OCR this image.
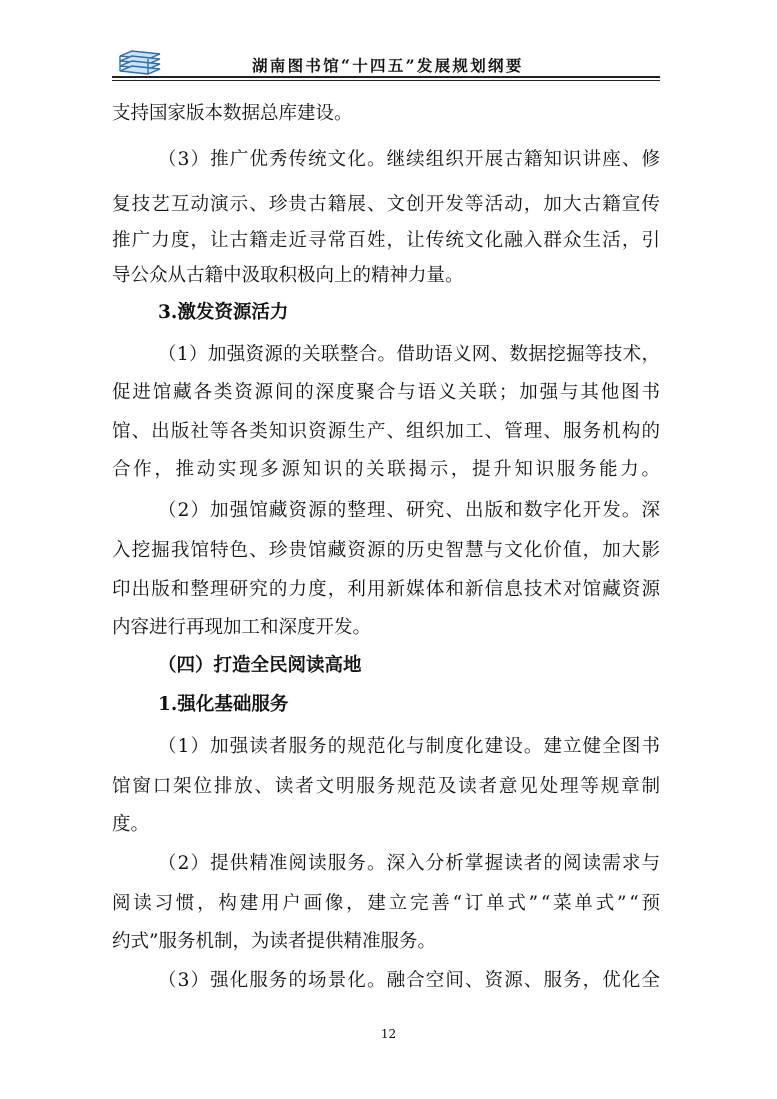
湖南图书馆“十四五”发展规划纲要
支持国家版本数据总库建设。
（3）推广优秀传统文化。继续组织开展古籍知识讲座、修
复技艺互动演示、珍贵古籍展、文创开发等活动，加大古籍宣传
推广力度，让古籍走近寻常百姓，让传统文化融入群众生活，引
导公众从古籍中汲取积极向上的精神力量。
3.激发资源活力
（1）加强资源的关联整合。借助语义网、数据挖掘等技术，
促进馆藏各类资源间的深度聚合与语义关联；加强与其他图书
馆、出版社等各类知识资源生产、组织加工、管理、服务机构的
合作，推动实现多源知识的关联揭示，提升知识服务能力。
（2）加强馆藏资源的整理、研究、出版和数字化开发。深
入挖掘我馆特色、珍贵馆藏资源的历史智慧与文化价值，加大影
印出版和整理研究的力度，利用新媒体和新信息技术对馆藏资源
内容进行再现加工和深度开发。
（四）打造全民阅读高地
1.强化基础服务
（1）加强读者服务的规范化与制度化建设。建立健全图书
馆窗口架位排放、读者文明服务规范及读者意见处理等规章制
度。
（2）提供精准阅读服务。深入分析掌握读者的阅读需求与
阅读习惯，构建用户画像，建立完善“订单式”“菜单式”“预
约式”服务机制，为读者提供精准服务。
（3）强化服务的场景化。融合空间、资源、服务，优化全
12
